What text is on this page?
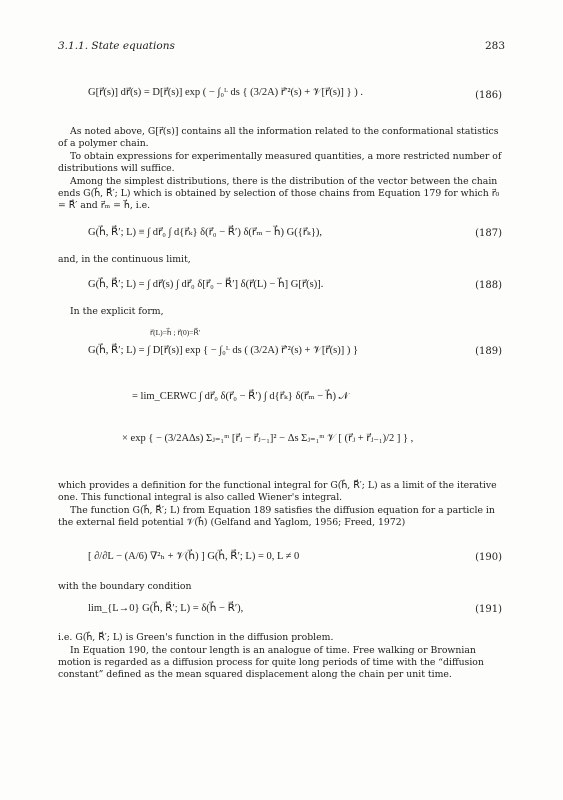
3.1.1. State equations	283
G[r⃗(s)] dr⃗(s) = D[r⃗(s)] exp ( − ∫₀ᴸ ds { (3/2A) r⃗′²(s) + 𝒱[r⃗(s)] } ) .	(186)

As noted above, G[r⃗(s)] contains all the information related to the conformational statistics of a polymer chain.

To obtain expressions for experimentally measured quantities, a more restricted number of distributions will suffice.

Among the simplest distributions, there is the distribution of the vector between the chain ends G(h⃗, R⃗′; L) which is obtained by selection of those chains from Equation 179 for which r⃗₀ = R⃗′ and r⃗ₘ = h⃗, i.e.

G(h⃗, R⃗′; L) ≡ ∫ dr⃗₀ ∫ d{r⃗ₖ} δ(r⃗₀ − R⃗′) δ(r⃗ₘ − h⃗) G({r⃗ₖ}),	(187)

and, in the continuous limit,

G(h⃗, R⃗′; L) = ∫ dr⃗(s) ∫ dr⃗₀ δ[r⃗₀ − R⃗′] δ(r⃗(L) − h⃗] G[r⃗(s)].	(188)

In the explicit form,

r⃗(L)=h⃗ ; r⃗(0)=R⃗′
G(h⃗, R⃗′; L) = ∫ D[r⃗(s)] exp { − ∫₀ᴸ ds ( (3/2A) r⃗′²(s) + 𝒱[r⃗(s)] ) }	(189)
= lim_CERWC ∫ dr⃗₀ δ(r⃗₀ − R⃗′) ∫ d{r⃗ₖ} δ(r⃗ₘ − h⃗) 𝒩
× exp { − (3/2AΔs) Σⱼ₌₁ᵐ [r⃗ⱼ − r⃗ⱼ₋₁]² − Δs Σⱼ₌₁ᵐ 𝒱 [ (r⃗ⱼ + r⃗ⱼ₋₁)/2 ] } ,

which provides a definition for the functional integral for G(h⃗, R⃗′; L) as a limit of the iterative one. This functional integral is also called Wiener's integral.

The function G(h⃗, R⃗′; L) from Equation 189 satisfies the diffusion equation for a particle in the external field potential 𝒱(h⃗) (Gelfand and Yaglom, 1956; Freed, 1972)

[ ∂/∂L − (A/6) ∇²ₕ + 𝒱(h⃗) ] G(h⃗, R⃗′; L) = 0, L ≠ 0	(190)

with the boundary condition

lim_{L→0} G(h⃗, R⃗′; L) = δ(h⃗ − R⃗′),	(191)

i.e. G(h⃗, R⃗′; L) is Green's function in the diffusion problem.

In Equation 190, the contour length is an analogue of time. Free walking or Brownian motion is regarded as a diffusion process for quite long periods of time with the “diffusion constant” defined as the mean squared displacement along the chain per unit time.
